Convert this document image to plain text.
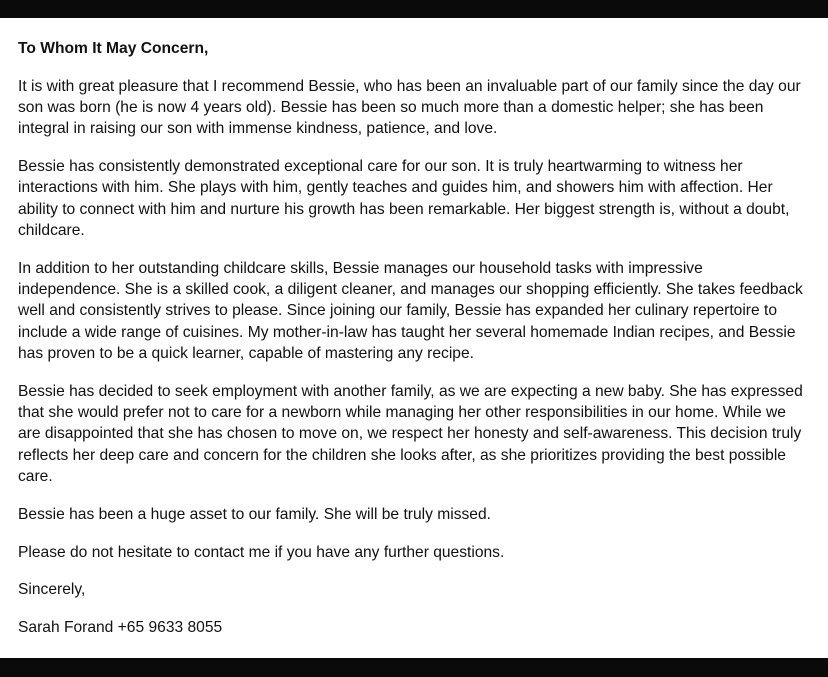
To Whom It May Concern,

It is with great pleasure that I recommend Bessie, who has been an invaluable part of our family since the day our son was born (he is now 4 years old). Bessie has been so much more than a domestic helper; she has been integral in raising our son with immense kindness, patience, and love.

Bessie has consistently demonstrated exceptional care for our son. It is truly heartwarming to witness her interactions with him. She plays with him, gently teaches and guides him, and showers him with affection. Her ability to connect with him and nurture his growth has been remarkable. Her biggest strength is, without a doubt, childcare.

In addition to her outstanding childcare skills, Bessie manages our household tasks with impressive independence. She is a skilled cook, a diligent cleaner, and manages our shopping efficiently. She takes feedback well and consistently strives to please. Since joining our family, Bessie has expanded her culinary repertoire to include a wide range of cuisines. My mother-in-law has taught her several homemade Indian recipes, and Bessie has proven to be a quick learner, capable of mastering any recipe.

Bessie has decided to seek employment with another family, as we are expecting a new baby. She has expressed that she would prefer not to care for a newborn while managing her other responsibilities in our home. While we are disappointed that she has chosen to move on, we respect her honesty and self-awareness. This decision truly reflects her deep care and concern for the children she looks after, as she prioritizes providing the best possible care.

Bessie has been a huge asset to our family. She will be truly missed.

Please do not hesitate to contact me if you have any further questions.

Sincerely,

Sarah Forand +65 9633 8055
